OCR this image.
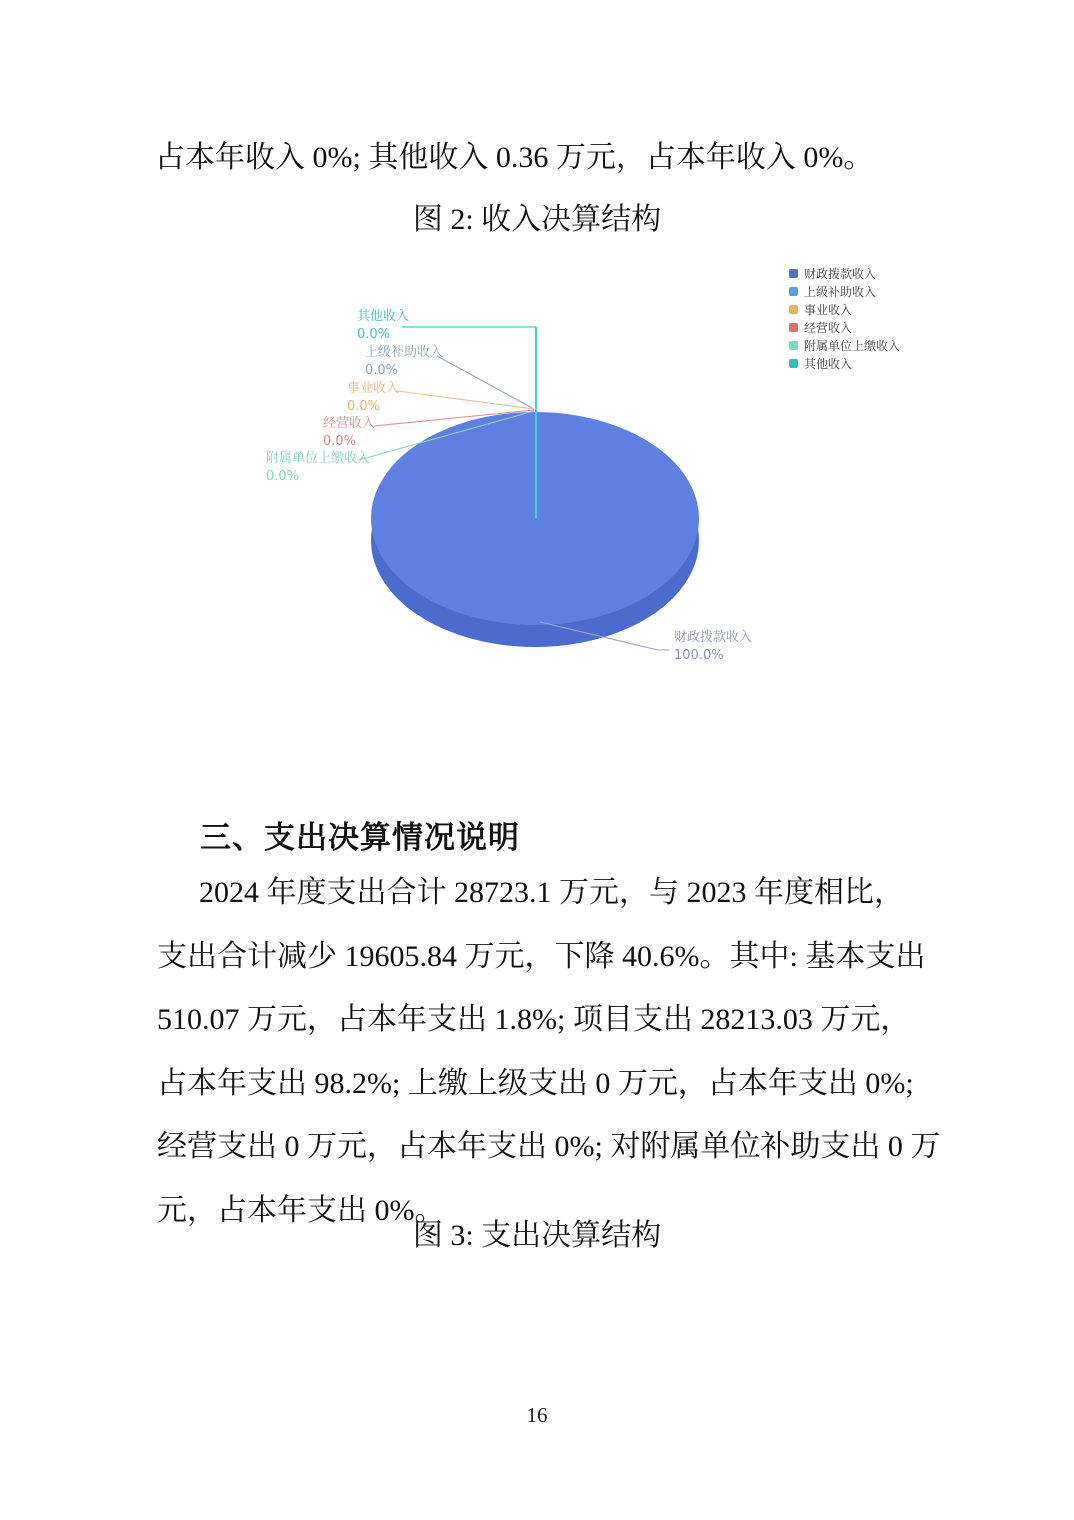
占本年收入 0%; 其他收入 0.36 万元，占本年收入 0%。
图 2: 收入决算结构
其他收入
0.0%
上级补助收入
0.0%
事业收入
0.0%
经营收入
0.0%
附属单位上缴收入
0.0%
财政拨款收入
100.0%
财政拨款收入
上级补助收入
事业收入
经营收入
附属单位上缴收入
其他收入
三、支出决算情况说明
2024 年度支出合计 28723.1 万元，与 2023 年度相比，
支出合计减少 19605.84 万元，下降 40.6%。其中: 基本支出
510.07 万元，占本年支出 1.8%; 项目支出 28213.03 万元，
占本年支出 98.2%; 上缴上级支出 0 万元，占本年支出 0%;
经营支出 0 万元，占本年支出 0%; 对附属单位补助支出 0 万
元，占本年支出 0%。
图 3: 支出决算结构
16
